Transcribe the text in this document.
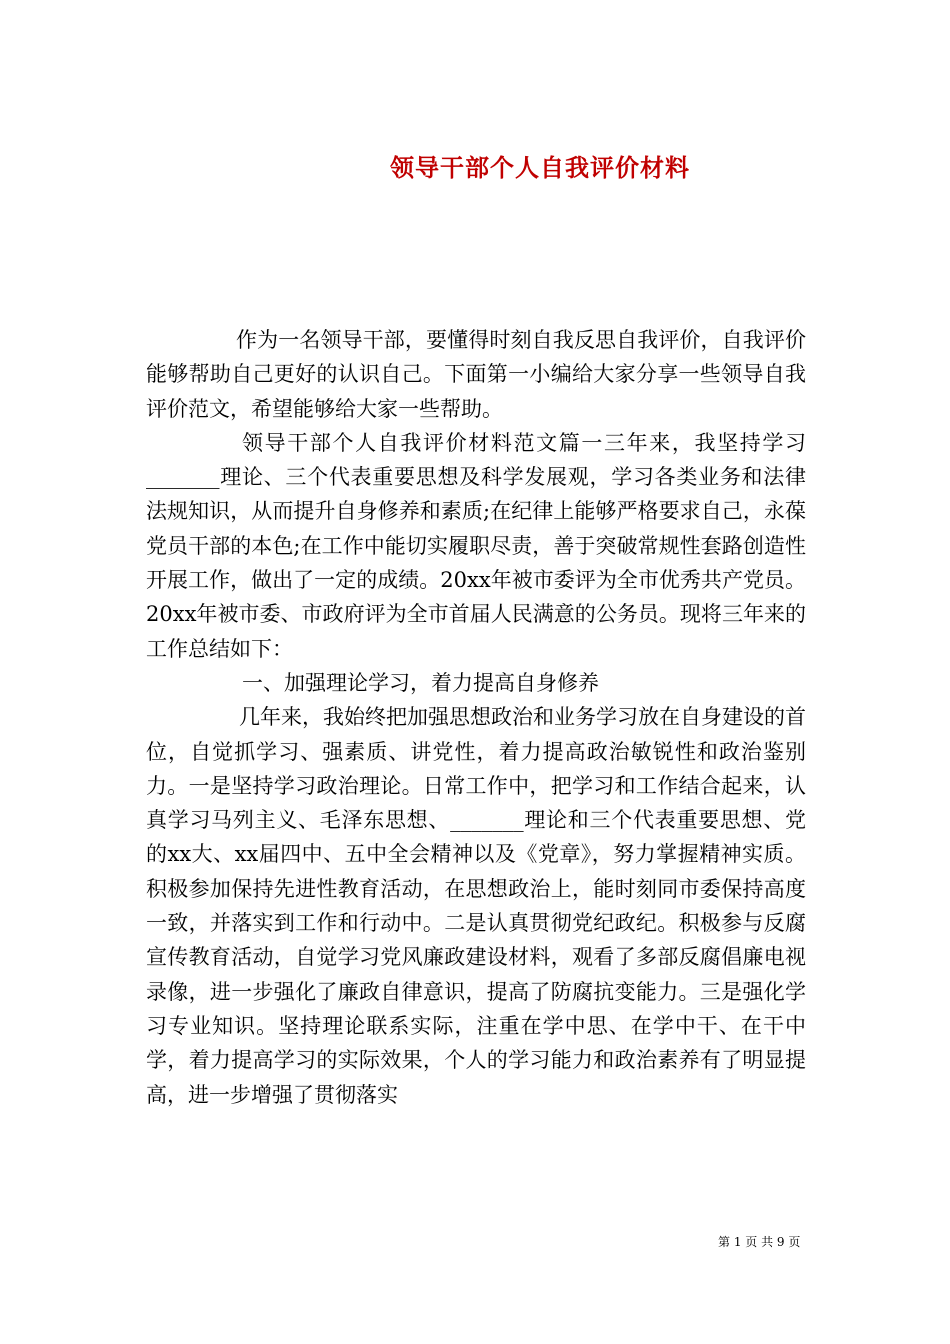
领导干部个人自我评价材料

作为一名领导干部，要懂得时刻自我反思自我评价，自我评价能够帮助自己更好的认识自己。下面第一小编给大家分享一些领导自我评价范文，希望能够给大家一些帮助。

领导干部个人自我评价材料范文篇一三年来，我坚持学习_______理论、三个代表重要思想及科学发展观，学习各类业务和法律法规知识，从而提升自身修养和素质;在纪律上能够严格要求自己，永葆党员干部的本色;在工作中能切实履职尽责，善于突破常规性套路创造性开展工作，做出了一定的成绩。20xx年被市委评为全市优秀共产党员。20xx年被市委、市政府评为全市首届人民满意的公务员。现将三年来的工作总结如下：

一、加强理论学习，着力提高自身修养

几年来，我始终把加强思想政治和业务学习放在自身建设的首位，自觉抓学习、强素质、讲党性，着力提高政治敏锐性和政治鉴别力。一是坚持学习政治理论。日常工作中，把学习和工作结合起来，认真学习马列主义、毛泽东思想、_______理论和三个代表重要思想、党的xx大、xx届四中、五中全会精神以及《党章》，努力掌握精神实质。积极参加保持先进性教育活动，在思想政治上，能时刻同市委保持高度一致，并落实到工作和行动中。二是认真贯彻党纪政纪。积极参与反腐宣传教育活动，自觉学习党风廉政建设材料，观看了多部反腐倡廉电视录像，进一步强化了廉政自律意识，提高了防腐抗变能力。三是强化学习专业知识。坚持理论联系实际，注重在学中思、在学中干、在干中学，着力提高学习的实际效果，个人的学习能力和政治素养有了明显提高，进一步增强了贯彻落实

第 1 页 共 9 页
